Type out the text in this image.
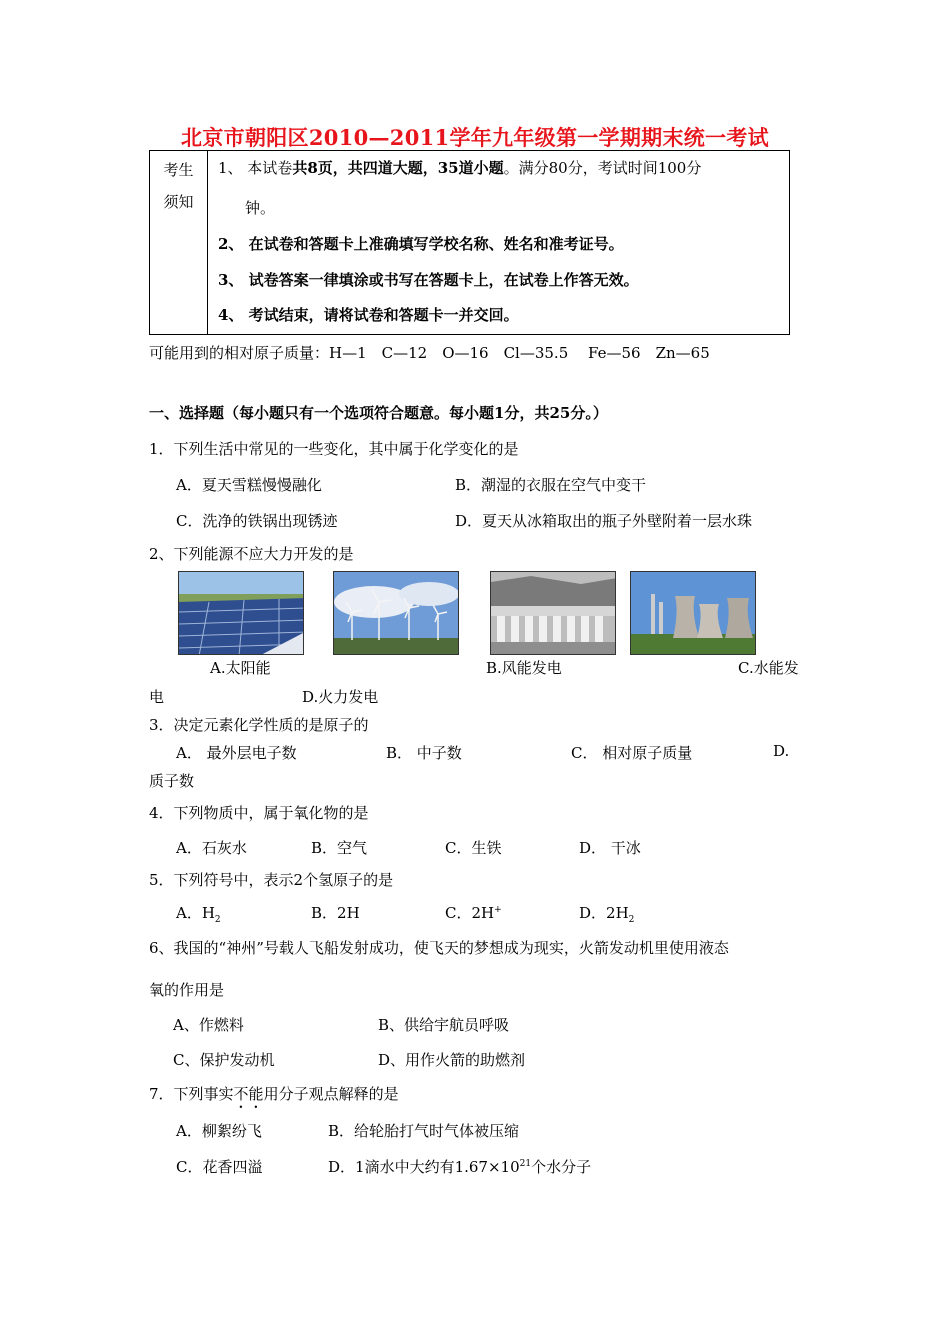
北京市朝阳区2010—2011学年九年级第一学期期末统一考试
考生
须知
1、 本试卷共8页，共四道大题，35道小题。满分80分，考试时间100分
钟。
2、 在试卷和答题卡上准确填写学校名称、姓名和准考证号。
3、 试卷答案一律填涂或书写在答题卡上，在试卷上作答无效。
4、 考试结束，请将试卷和答题卡一并交回。
可能用到的相对原子质量：H—1　C—12　O—16　Cl—35.5　 Fe—56　Zn—65
一、选择题（每小题只有一个选项符合题意。每小题1分，共25分。）
1．下列生活中常见的一些变化，其中属于化学变化的是
A．夏天雪糕慢慢融化	B．潮湿的衣服在空气中变干
C．洗净的铁锅出现锈迹	D．夏天从冰箱取出的瓶子外壁附着一层水珠
2、下列能源不应大力开发的是
A.太阳能	B.风能发电	C.水能发
电	D.火力发电
3．决定元素化学性质的是原子的
A． 最外层电子数	B． 中子数	C． 相对原子质量	D.
质子数
4．下列物质中，属于氧化物的是
A．石灰水	B．空气	C．生铁	D． 干冰
5．下列符号中，表示2个氢原子的是
A．$H_2$	B．2H	C．2H+	D．$2H_2$
6、我国的“神州”号载人飞船发射成功，使飞天的梦想成为现实，火箭发动机里使用液态
氧的作用是
A、作燃料	B、供给宇航员呼吸
C、保护发动机	D、用作火箭的助燃剂
7．下列事实不能用分子观点解释的是
A．柳絮纷飞	B．给轮胎打气时气体被压缩
C．花香四溢	D．1滴水中大约有$1.67\times 10^{21}$个水分子
